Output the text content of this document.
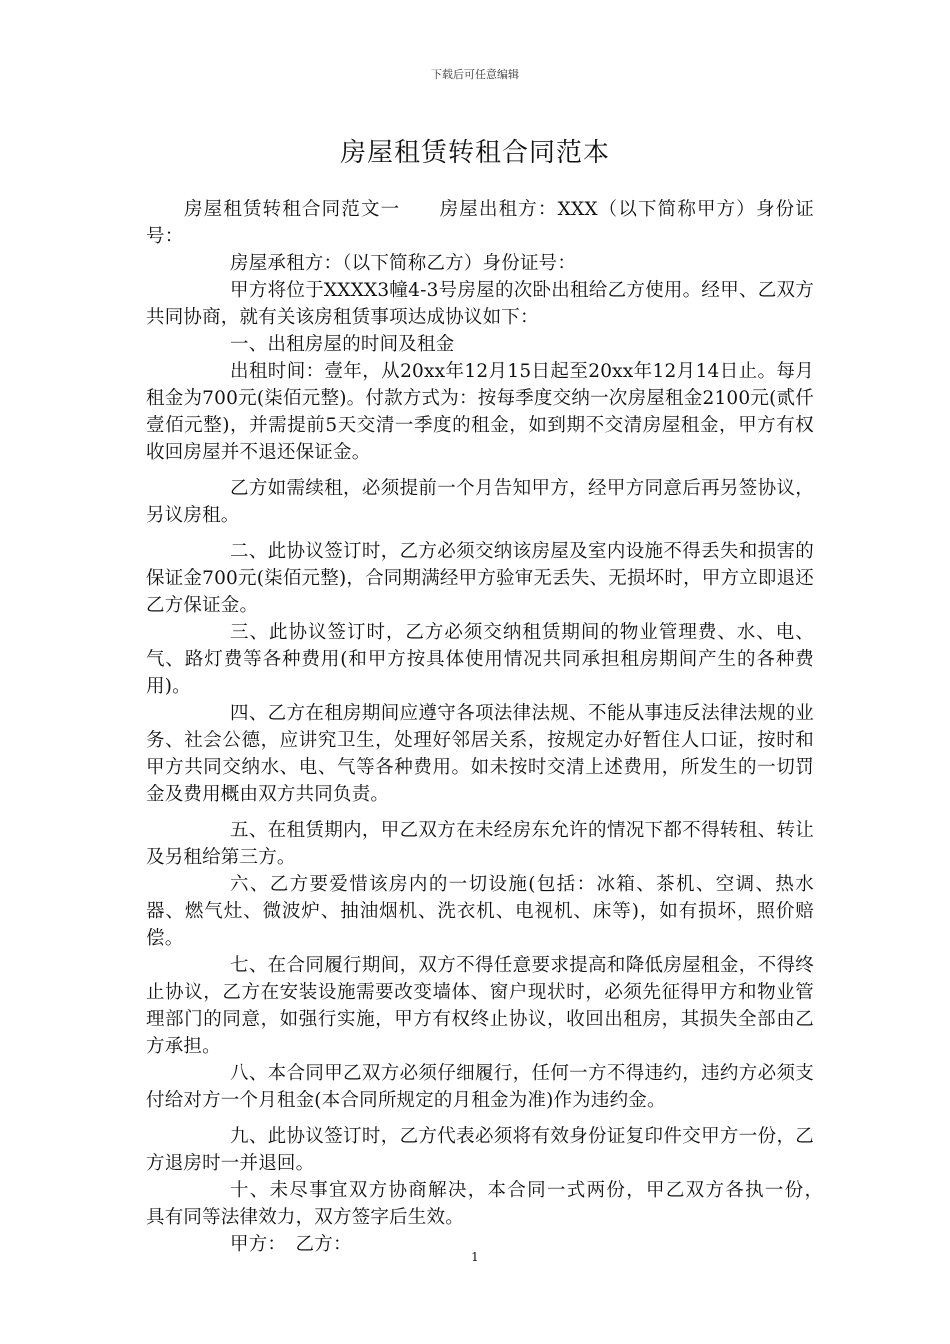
下载后可任意编辑
房屋租赁转租合同范本

房屋租赁转租合同范文一　　房屋出租方：XXX（以下简称甲方）身份证号：

房屋承租方：（以下简称乙方）身份证号：

甲方将位于XXXX3幢4-3号房屋的次卧出租给乙方使用。经甲、乙双方共同协商，就有关该房租赁事项达成协议如下：

一、出租房屋的时间及租金

出租时间：壹年，从20xx年12月15日起至20xx年12月14日止。每月租金为700元(柒佰元整)。付款方式为：按每季度交纳一次房屋租金2100元(贰仟壹佰元整)，并需提前5天交清一季度的租金，如到期不交清房屋租金，甲方有权收回房屋并不退还保证金。

乙方如需续租，必须提前一个月告知甲方，经甲方同意后再另签协议，另议房租。

二、此协议签订时，乙方必须交纳该房屋及室内设施不得丢失和损害的保证金700元(柒佰元整)，合同期满经甲方验审无丢失、无损坏时，甲方立即退还乙方保证金。

三、此协议签订时，乙方必须交纳租赁期间的物业管理费、水、电、气、路灯费等各种费用(和甲方按具体使用情况共同承担租房期间产生的各种费用)。

四、乙方在租房期间应遵守各项法律法规、不能从事违反法律法规的业务、社会公德，应讲究卫生，处理好邻居关系，按规定办好暂住人口证，按时和甲方共同交纳水、电、气等各种费用。如未按时交清上述费用，所发生的一切罚金及费用概由双方共同负责。

五、在租赁期内，甲乙双方在未经房东允许的情况下都不得转租、转让及另租给第三方。

六、乙方要爱惜该房内的一切设施(包括：冰箱、茶机、空调、热水器、燃气灶、微波炉、抽油烟机、洗衣机、电视机、床等)，如有损坏，照价赔偿。

七、在合同履行期间，双方不得任意要求提高和降低房屋租金，不得终止协议，乙方在安装设施需要改变墙体、窗户现状时，必须先征得甲方和物业管理部门的同意，如强行实施，甲方有权终止协议，收回出租房，其损失全部由乙方承担。

八、本合同甲乙双方必须仔细履行，任何一方不得违约，违约方必须支付给对方一个月租金(本合同所规定的月租金为准)作为违约金。

九、此协议签订时，乙方代表必须将有效身份证复印件交甲方一份，乙方退房时一并退回。

十、未尽事宜双方协商解决，本合同一式两份，甲乙双方各执一份，　具有同等法律效力，双方签字后生效。

甲方：　乙方：

1
